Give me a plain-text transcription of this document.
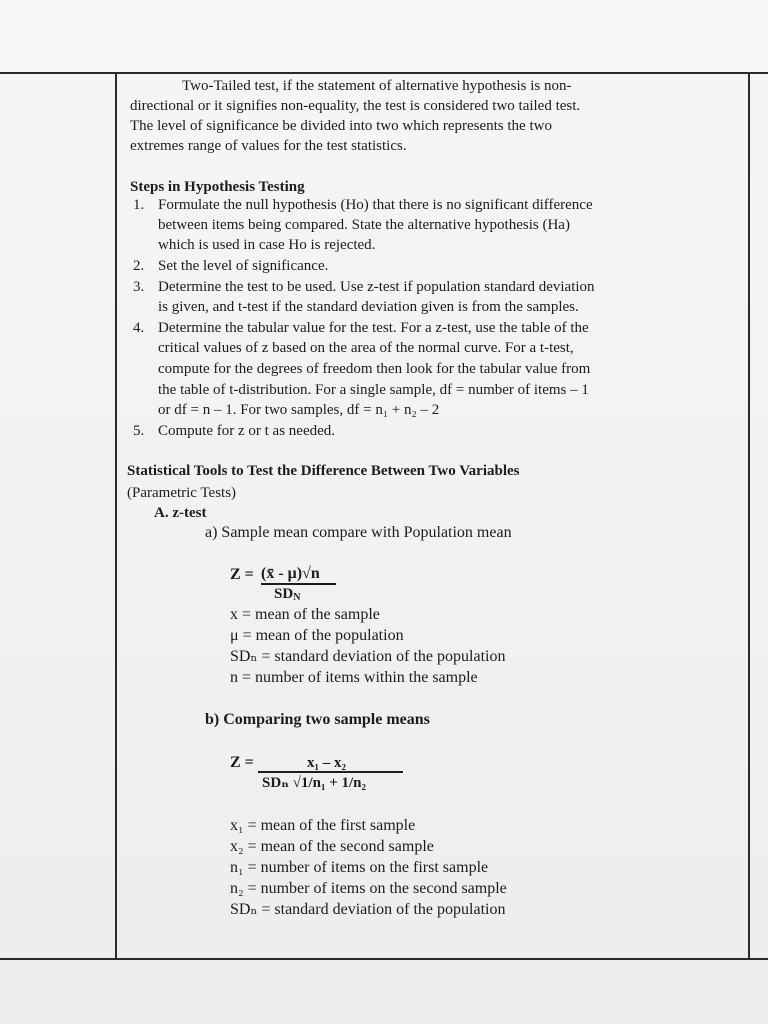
Two-Tailed test, if the statement of alternative hypothesis is non-
directional or it signifies non-equality, the test is considered two tailed test.
The level of significance be divided into two which represents the two
extremes range of values for the test statistics.
Steps in Hypothesis Testing
1. Formulate the null hypothesis (Ho) that there is no significant difference
between items being compared. State the alternative hypothesis (Ha)
which is used in case Ho is rejected.
2. Set the level of significance.
3. Determine the test to be used. Use z-test if population standard deviation
is given, and t-test if the standard deviation given is from the samples.
4. Determine the tabular value for the test. For a z-test, use the table of the
critical values of z based on the area of the normal curve. For a t-test,
compute for the degrees of freedom then look for the tabular value from
the table of t-distribution. For a single sample, df = number of items – 1
or df = n – 1. For two samples, df = n₁ + n₂ – 2
5. Compute for z or t as needed.
Statistical Tools to Test the Difference Between Two Variables
(Parametric Tests)
A. z-test
a) Sample mean compare with Population mean
Z = (x̄ - μ)√n
$SD_N$
x = mean of the sample
μ = mean of the population
SDₙ = standard deviation of the population
n = number of items within the sample
b) Comparing two sample means
Z =	x₁ – x₂
SDₙ √1/n₁ + 1/n₂
x₁ = mean of the first sample
x₂ = mean of the second sample
n₁ = number of items on the first sample
n₂ = number of items on the second sample
SDₙ = standard deviation of the population
